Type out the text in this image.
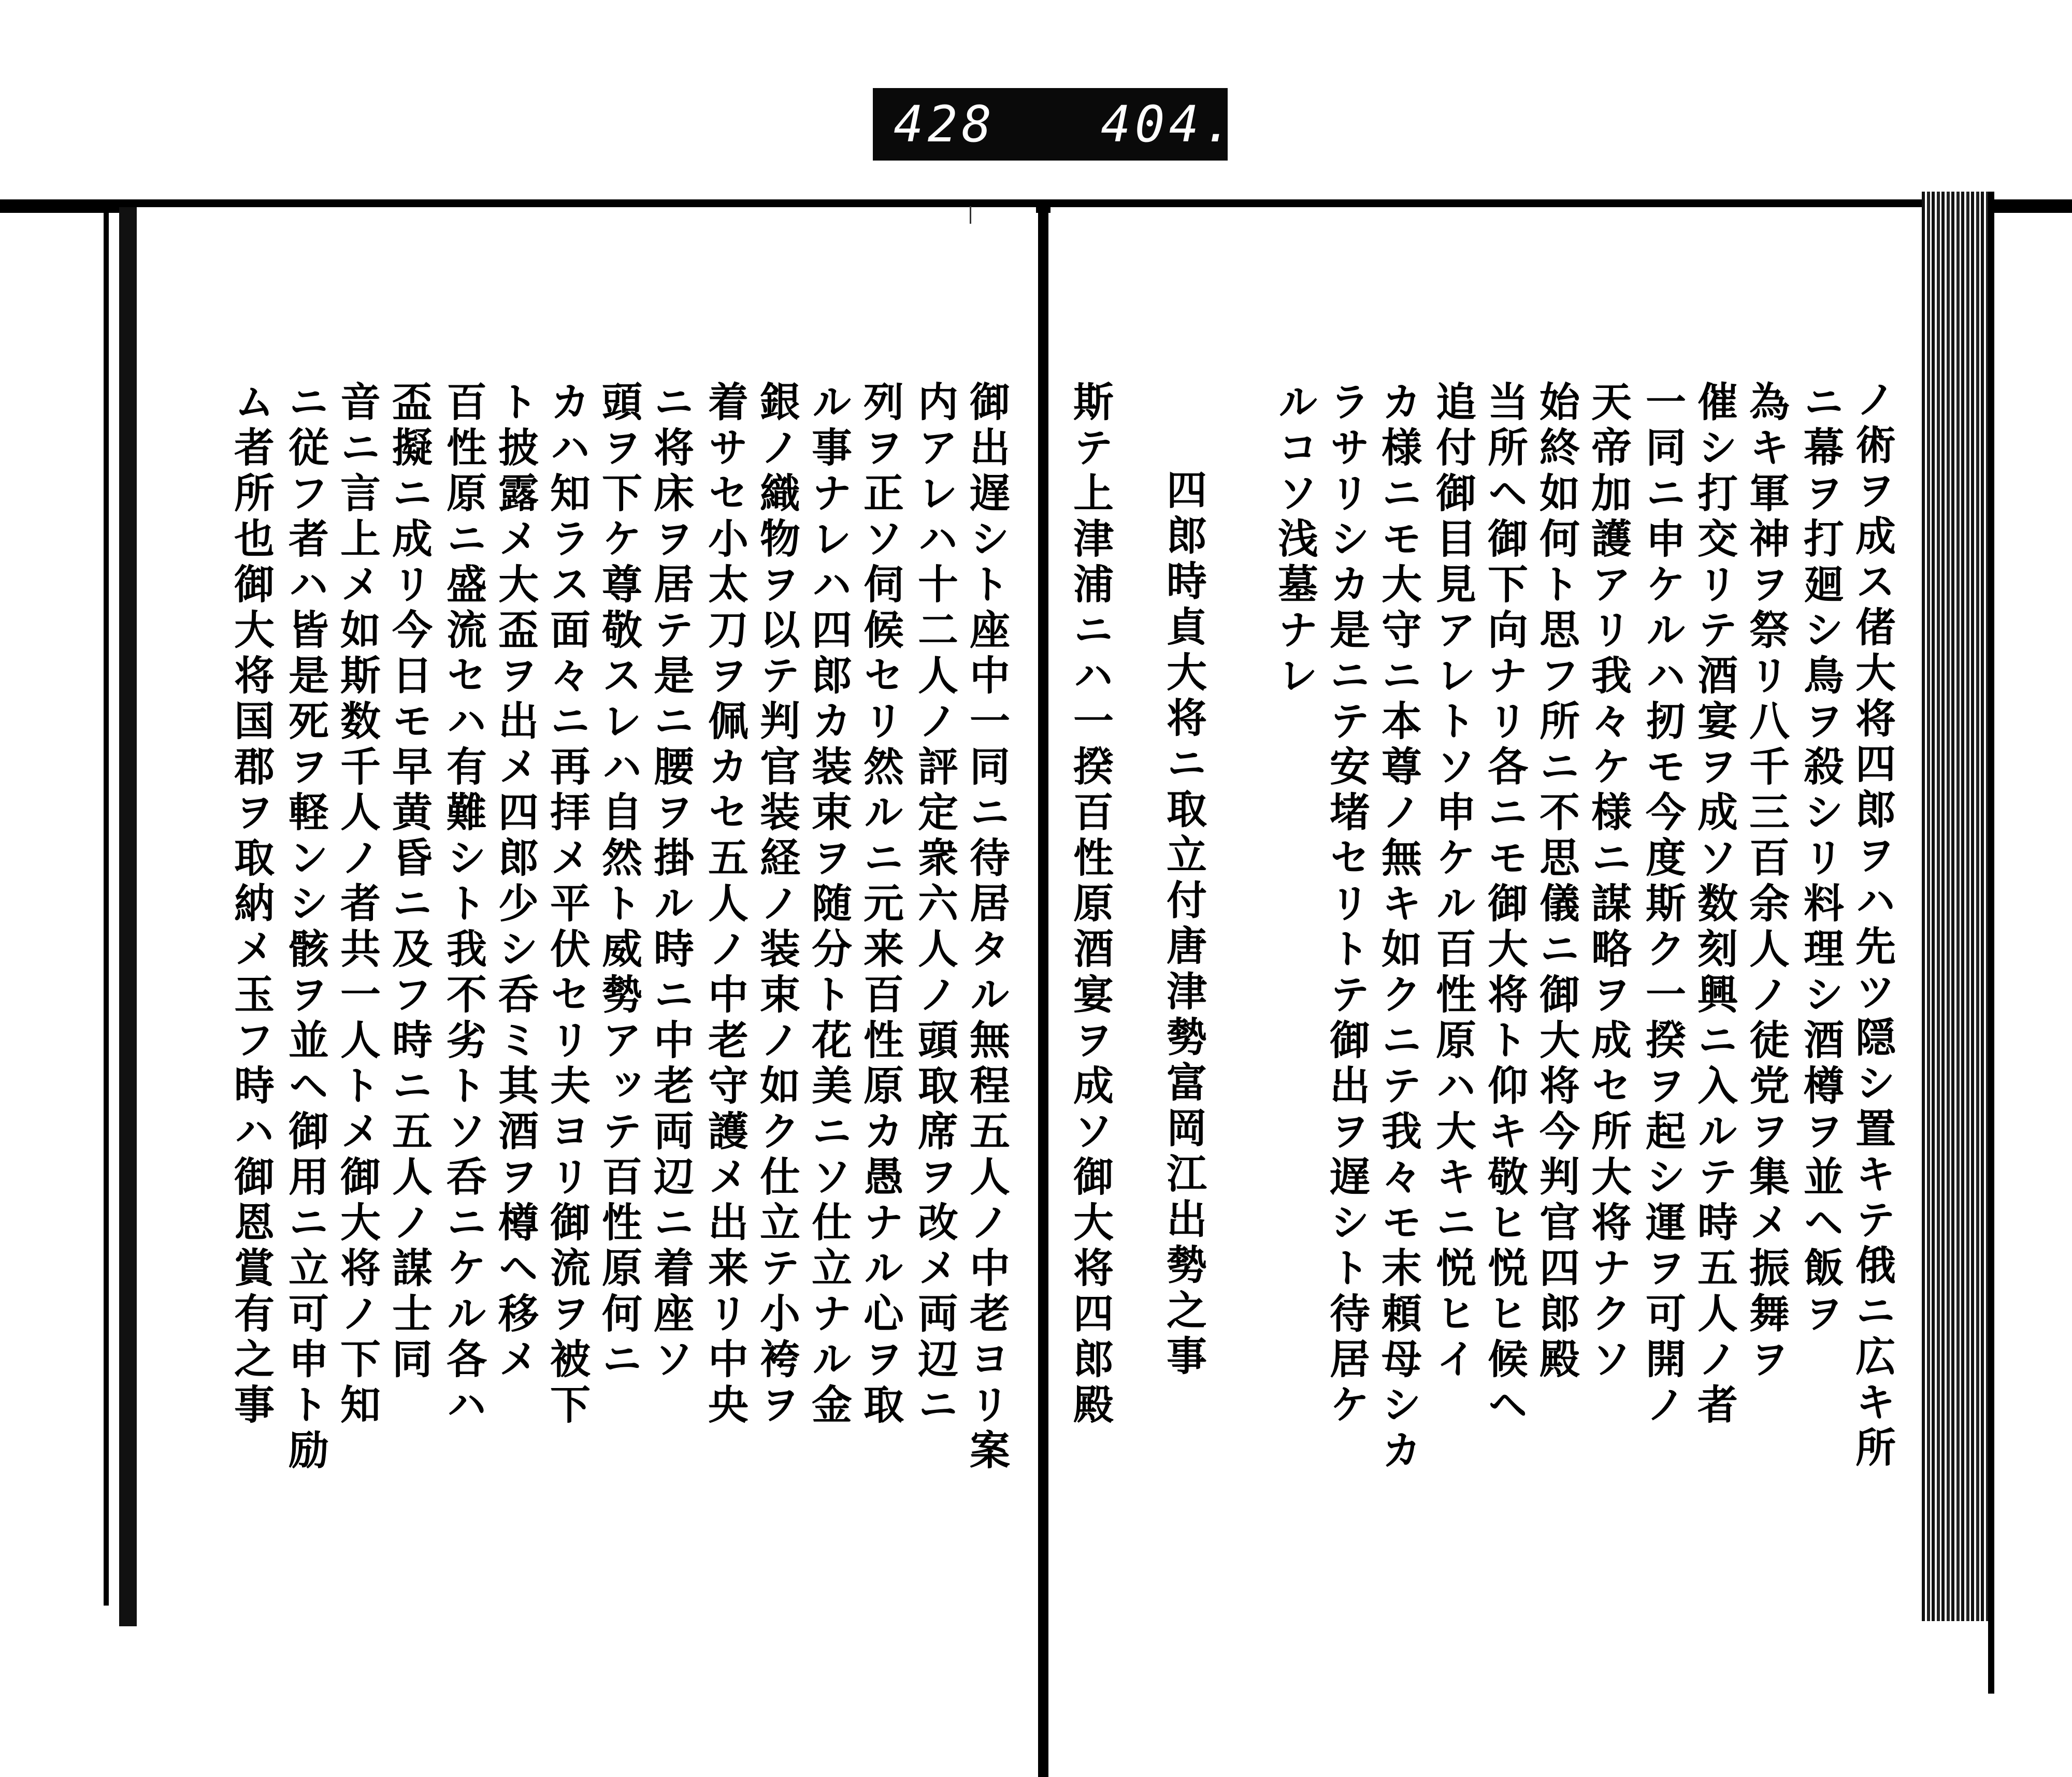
428 404.
ノ術ヲ成ス偖大将四郎ヲハ先ツ隠シ置キテ俄ニ広キ所
ニ幕ヲ打廻シ鳥ヲ殺シリ料理シ酒樽ヲ並ヘ飯ヲ
為キ軍神ヲ祭リ八千三百余人ノ徒党ヲ集メ振舞ヲ
催シ打交リテ酒宴ヲ成ソ数刻興ニ入ルテ時五人ノ者
一同ニ申ケルハ扨モ今度斯ク一揆ヲ起シ運ヲ可開ノ
天帝加護アリ我々ケ様ニ謀略ヲ成セ所大将ナクソ
始終如何ト思フ所ニ不思儀ニ御大将今判官四郎殿
当所ヘ御下向ナリ各ニモ御大将ト仰キ敬ヒ悦ヒ候ヘ
追付御目見アレトソ申ケル百性原ハ大キニ悦ヒイ
カ様ニモ大守ニ本尊ノ無キ如クニテ我々モ末頼母シカ
ラサリシカ是ニテ安堵セリトテ御出ヲ遅シト待居ケ
ルコソ浅墓ナレ
四郎時貞大将ニ取立付唐津勢富岡江出勢之事
斯テ上津浦ニハ一揆百性原酒宴ヲ成ソ御大将四郎殿
御出遅シト座中一同ニ待居タル無程五人ノ中老ヨリ案
内アレハ十二人ノ評定衆六人ノ頭取席ヲ改メ両辺ニ
列ヲ正ソ伺候セリ然ルニ元来百性原カ愚ナル心ヲ取
ル事ナレハ四郎カ装束ヲ随分ト花美ニソ仕立ナル金
銀ノ織物ヲ以テ判官装経ノ装束ノ如ク仕立テ小袴ヲ
着サセ小太刀ヲ佩カセ五人ノ中老守護メ出来リ中央
ニ将床ヲ居テ是ニ腰ヲ掛ル時ニ中老両辺ニ着座ソ
頭ヲ下ケ尊敬スレハ自然ト威勢アッテ百性原何ニ
カハ知ラス面々ニ再拝メ平伏セリ夫ヨリ御流ヲ被下
ト披露メ大盃ヲ出メ四郎少シ呑ミ其酒ヲ樽ヘ移メ
百性原ニ盛流セハ有難シト我不劣トソ呑ニケル各ハ
盃擬ニ成リ今日モ早黄昏ニ及フ時ニ五人ノ謀士同
音ニ言上メ如斯数千人ノ者共一人トメ御大将ノ下知
ニ従フ者ハ皆是死ヲ軽ンシ骸ヲ並ヘ御用ニ立可申ト励
ム者所也御大将国郡ヲ取納メ玉フ時ハ御恩賞有之事
